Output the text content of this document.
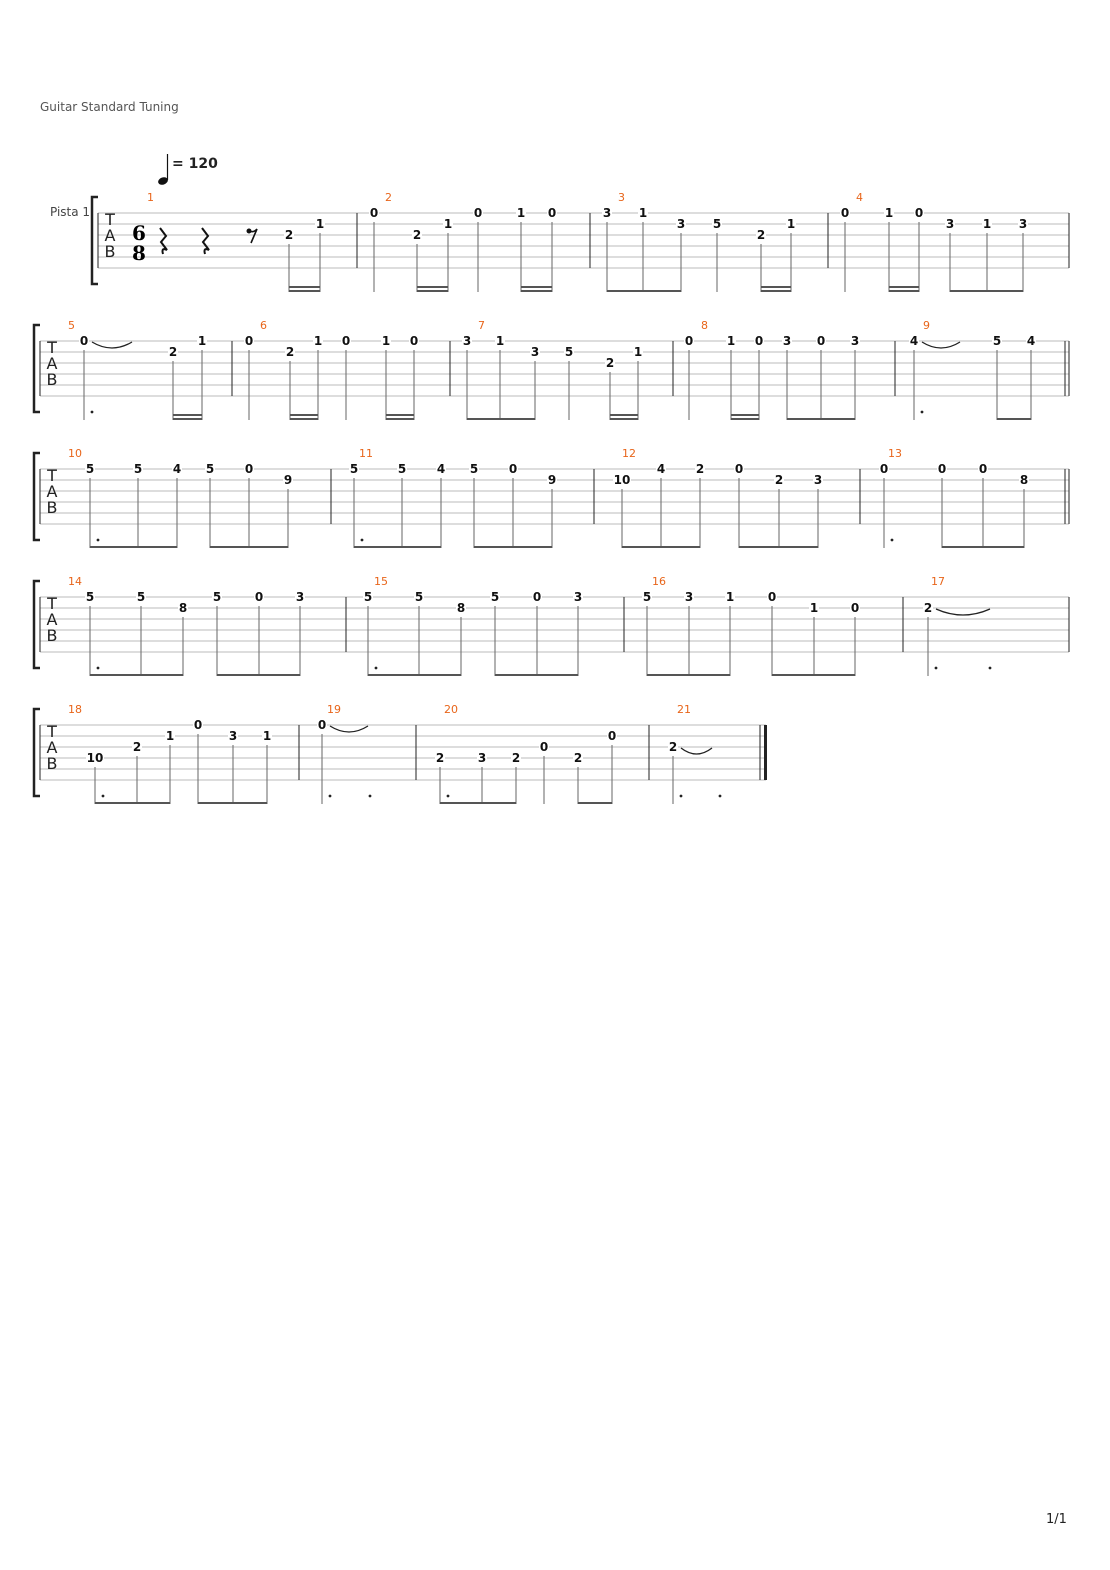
Guitar Standard Tuning
Pista 1
= 120
T
A
B
1
2
1
6
8
2
0
2
1
0	1 0
3
3 1
3 5
2
1
4
0	1 0
3 1 3
T
A
B
5
0
2
1
6
0
2
1 0	1 0
7
3 1
3 5
2
1
8
0	1 0 3 0 3
9
4	5 4
T
A
B
10
5	5	4 5	0
9
11
5	5	4 5	0
9
12
10
4	2	0
2	3
13
0	0	0
8
T
A
B
14
5	5
8
5	0	3
15
5	5
8
5	0	3
16
5	3	1	0
1	0
17
2
T
A
B
18
10
2
1
0
3 1
19
0
20
2	3 2
0
2
0
21
2
1/1
